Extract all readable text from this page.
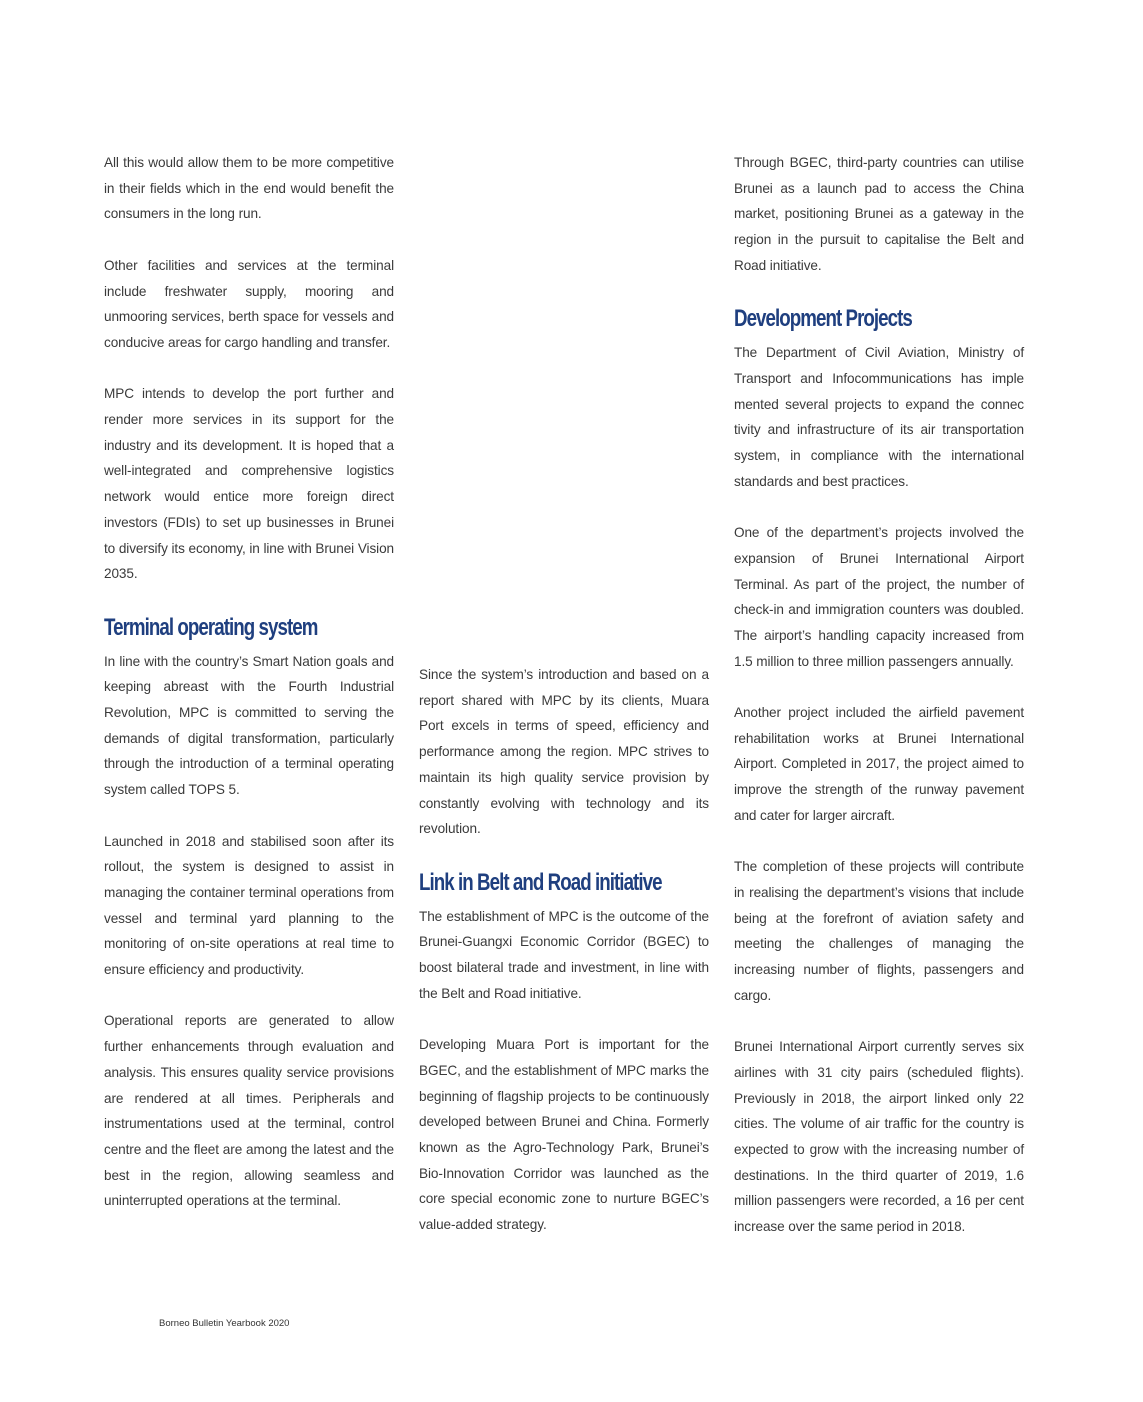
All this would allow them to be more competitive in their fields which in the end would benefit the consumers in the long run.

Other facilities and services at the terminal include freshwater supply, mooring and unmooring services, berth space for vessels and conducive areas for cargo handling and transfer.

MPC intends to develop the port further and render more services in its support for the industry and its development. It is hoped that a well-integrated and comprehensive logistics network would entice more foreign direct investors (FDIs) to set up businesses in Brunei to diversify its economy, in line with Brunei Vision 2035.

Terminal operating system

In line with the country’s Smart Nation goals and keeping abreast with the Fourth Industrial Revolution, MPC is committed to serving the demands of digital transformation, particularly through the introduction of a terminal operating system called TOPS 5.

Launched in 2018 and stabilised soon after its rollout, the system is designed to assist in managing the container terminal operations from vessel and terminal yard planning to the monitoring of on-site operations at real time to ensure efficiency and productivity.

Operational reports are generated to allow further enhancements through evaluation and analysis. This ensures quality service provisions are rendered at all times. Peripherals and instrumentations used at the terminal, control centre and the fleet are among the latest and the best in the region, allowing seamless and uninterrupted operations at the terminal.

Since the system’s introduction and based on a report shared with MPC by its clients, Muara Port excels in terms of speed, efficiency and performance among the region. MPC strives to maintain its high quality service provision by constantly evolving with technology and its revolution.

Link in Belt and Road initiative

The establishment of MPC is the outcome of the Brunei-Guangxi Economic Corridor (BGEC) to boost bilateral trade and investment, in line with the Belt and Road initiative.

Developing Muara Port is important for the BGEC, and the establishment of MPC marks the beginning of flagship projects to be continuously developed between Brunei and China. Formerly known as the Agro-Technology Park, Brunei’s Bio-Innovation Corridor was launched as the core special economic zone to nurture BGEC’s value-added strategy.

Through BGEC, third-party countries can utilise Brunei as a launch pad to access the China market, positioning Brunei as a gateway in the region in the pursuit to capitalise the Belt and Road initiative.

Development Projects

The Department of Civil Aviation, Ministry of Transport and Infocommunications has imple mented several projects to expand the connec tivity and infrastructure of its air transportation system, in compliance with the international standards and best practices.

One of the department’s projects involved the expansion of Brunei International Airport Terminal. As part of the project, the number of check-in and immigration counters was doubled. The airport’s handling capacity increased from 1.5 million to three million passengers annually.

Another project included the airfield pavement rehabilitation works at Brunei International Airport. Completed in 2017, the project aimed to improve the strength of the runway pavement and cater for larger aircraft.

The completion of these projects will contribute in realising the department’s visions that include being at the forefront of aviation safety and meeting the challenges of managing the increasing number of flights, passengers and cargo.

Brunei International Airport currently serves six airlines with 31 city pairs (scheduled flights). Previously in 2018, the airport linked only 22 cities. The volume of air traffic for the country is expected to grow with the increasing number of destinations. In the third quarter of 2019, 1.6 million passengers were recorded, a 16 per cent increase over the same period in 2018.

Borneo Bulletin Yearbook 2020
